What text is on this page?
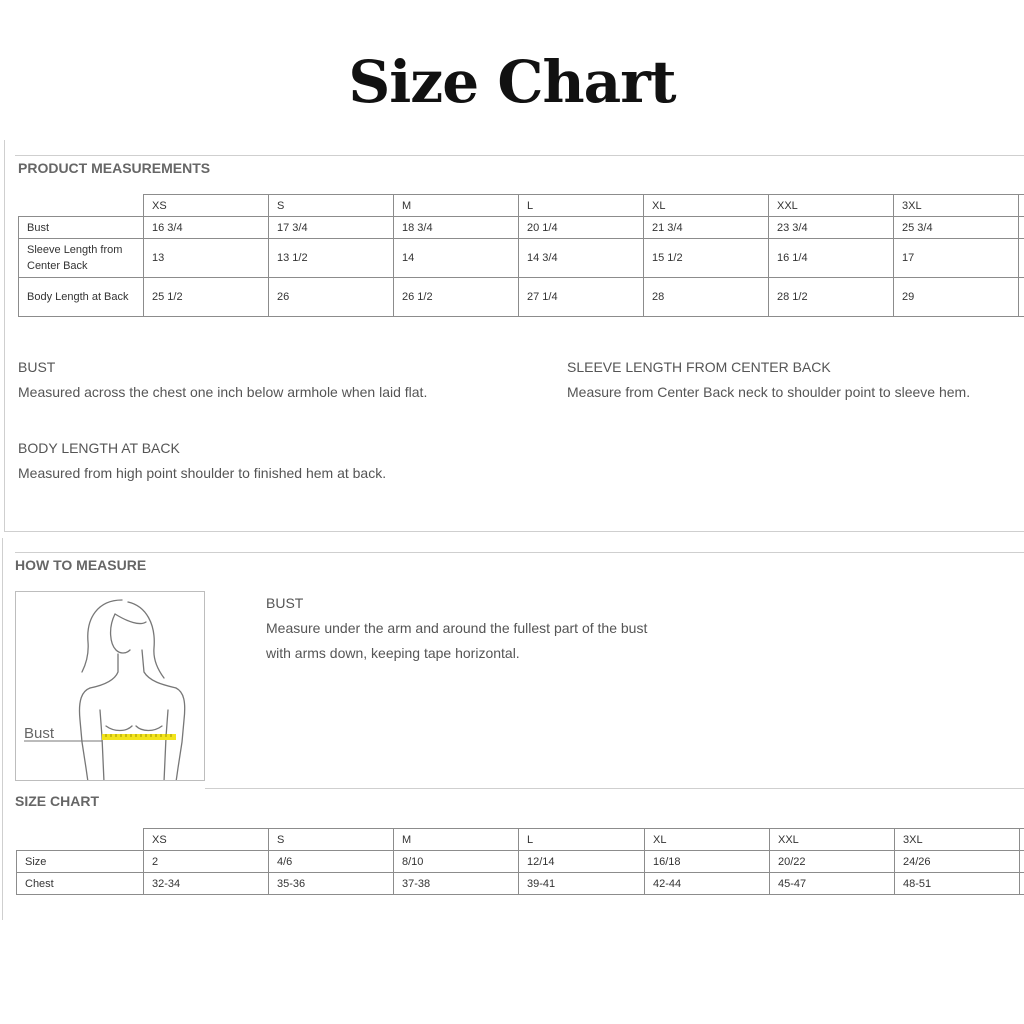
Size Chart
PRODUCT MEASUREMENTS
	XS	S	M	L	XL	XXL	3XL	
Bust	16 3/4	17 3/4	18 3/4	20 1/4	21 3/4	23 3/4	25 3/4	
Sleeve Length from Center Back	13	13 1/2	14	14 3/4	15 1/2	16 1/4	17	
Body Length at Back	25 1/2	26	26 1/2	27 1/4	28	28 1/2	29	
BUST
Measured across the chest one inch below armhole when laid flat.
SLEEVE LENGTH FROM CENTER BACK
Measure from Center Back neck to shoulder point to sleeve hem.
BODY LENGTH AT BACK
Measured from high point shoulder to finished hem at back.
HOW TO MEASURE
Bust
BUST
Measure under the arm and around the fullest part of the bust
with arms down, keeping tape horizontal.
SIZE CHART
	XS	S	M	L	XL	XXL	3XL	
Size	2	4/6	8/10	12/14	16/18	20/22	24/26	
Chest	32-34	35-36	37-38	39-41	42-44	45-47	48-51	
